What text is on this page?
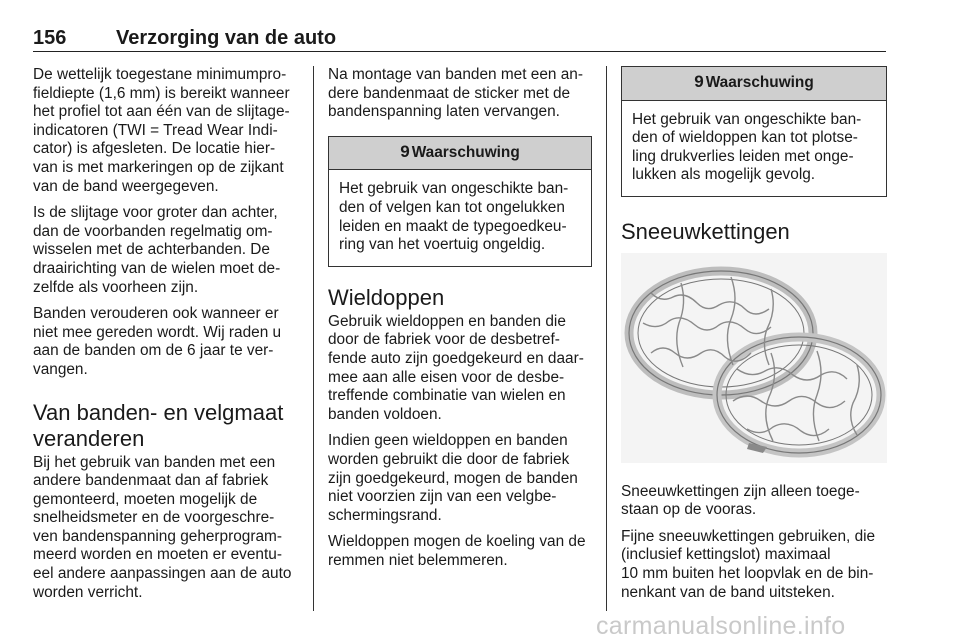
156 Verzorging van de auto

De wettelijk toegestane minimumpro-
fieldiepte (1,6 mm) is bereikt wanneer
het profiel tot aan één van de slijtage-
indicatoren (TWI = Tread Wear Indi-
cator) is afgesleten. De locatie hier-
van is met markeringen op de zijkant
van de band weergegeven.

Is de slijtage voor groter dan achter,
dan de voorbanden regelmatig om-
wisselen met de achterbanden. De
draairichting van de wielen moet de-
zelfde als voorheen zijn.

Banden verouderen ook wanneer er
niet mee gereden wordt. Wij raden u
aan de banden om de 6 jaar te ver-
vangen.

Van banden- en velgmaat
veranderen

Bij het gebruik van banden met een
andere bandenmaat dan af fabriek
gemonteerd, moeten mogelijk de
snelheidsmeter en de voorgeschre-
ven bandenspanning geherprogram-
meerd worden en moeten er eventu-
eel andere aanpassingen aan de auto
worden verricht.

Na montage van banden met een an-
dere bandenmaat de sticker met de
bandenspanning laten vervangen.

9 Waarschuwing
Het gebruik van ongeschikte ban-
den of velgen kan tot ongelukken
leiden en maakt de typegoedkeu-
ring van het voertuig ongeldig.
Wieldoppen

Gebruik wieldoppen en banden die
door de fabriek voor de desbetref-
fende auto zijn goedgekeurd en daar-
mee aan alle eisen voor de desbe-
treffende combinatie van wielen en
banden voldoen.

Indien geen wieldoppen en banden
worden gebruikt die door de fabriek
zijn goedgekeurd, mogen de banden
niet voorzien zijn van een velgbe-
schermingsrand.

Wieldoppen mogen de koeling van de
remmen niet belemmeren.

9 Waarschuwing
Het gebruik van ongeschikte ban-
den of wieldoppen kan tot plotse-
ling drukverlies leiden met onge-
lukken als mogelijk gevolg.
Sneeuwkettingen

Sneeuwkettingen zijn alleen toege-
staan op de vooras.

Fijne sneeuwkettingen gebruiken, die
(inclusief kettingslot) maximaal
10 mm buiten het loopvlak en de bin-
nenkant van de band uitsteken.

carmanualsonline.info
